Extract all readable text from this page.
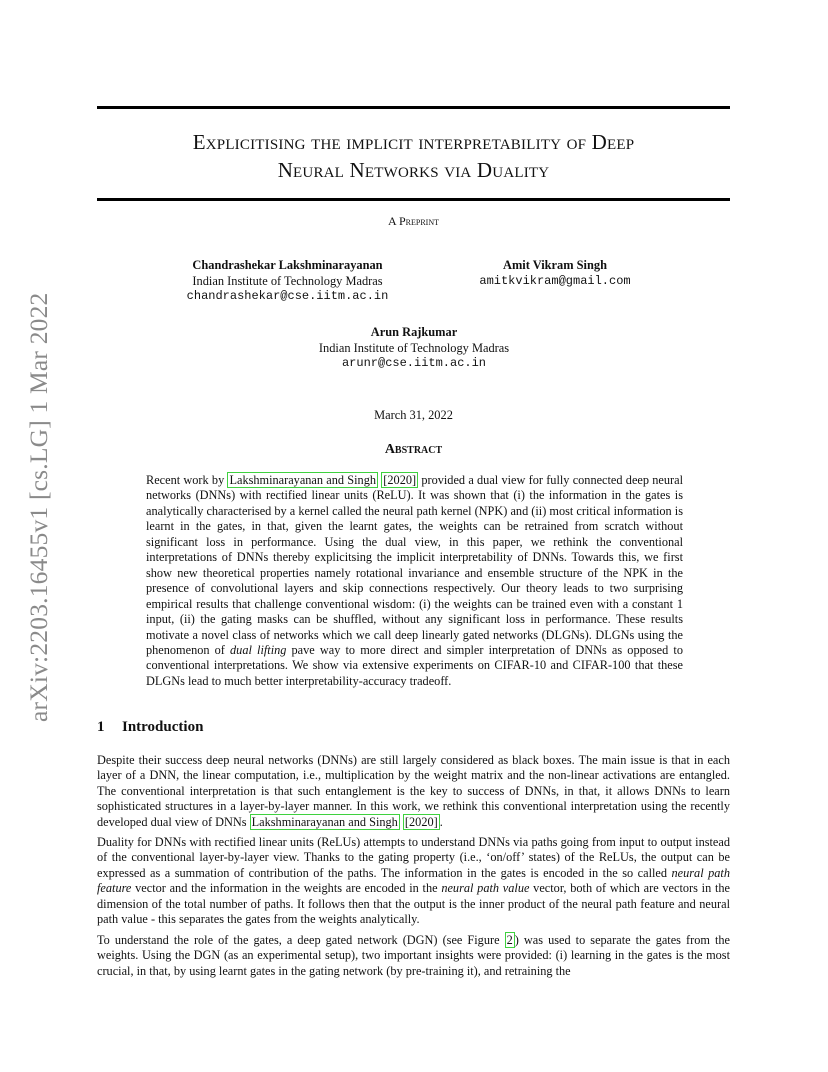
arXiv:2203.16455v1 [cs.LG] 1 Mar 2022
Explicitising the implicit interpretability of Deep
Neural Networks via Duality
A Preprint
Chandrashekar Lakshminarayanan
Indian Institute of Technology Madras
chandrashekar@cse.iitm.ac.in
Amit Vikram Singh
amitkvikram@gmail.com
Arun Rajkumar
Indian Institute of Technology Madras
arunr@cse.iitm.ac.in
March 31, 2022
Abstract

Recent work by Lakshminarayanan and Singh [2020] provided a dual view for fully connected deep neural networks (DNNs) with rectified linear units (ReLU). It was shown that (i) the information in the gates is analytically characterised by a kernel called the neural path kernel (NPK) and (ii) most critical information is learnt in the gates, in that, given the learnt gates, the weights can be retrained from scratch without significant loss in performance. Using the dual view, in this paper, we rethink the conventional interpretations of DNNs thereby explicitsing the implicit interpretability of DNNs. Towards this, we first show new theoretical properties namely rotational invariance and ensemble structure of the NPK in the presence of convolutional layers and skip connections respectively. Our theory leads to two surprising empirical results that challenge conventional wisdom: (i) the weights can be trained even with a constant 1 input, (ii) the gating masks can be shuffled, without any significant loss in performance. These results motivate a novel class of networks which we call deep linearly gated networks (DLGNs). DLGNs using the phenomenon of dual lifting pave way to more direct and simpler interpretation of DNNs as opposed to conventional interpretations. We show via extensive experiments on CIFAR-10 and CIFAR-100 that these DLGNs lead to much better interpretability-accuracy tradeoff.

1 Introduction

Despite their success deep neural networks (DNNs) are still largely considered as black boxes. The main issue is that in each layer of a DNN, the linear computation, i.e., multiplication by the weight matrix and the non-linear activations are entangled. The conventional interpretation is that such entanglement is the key to success of DNNs, in that, it allows DNNs to learn sophisticated structures in a layer-by-layer manner. In this work, we rethink this conventional interpretation using the recently developed dual view of DNNs Lakshminarayanan and Singh [2020] .

Duality for DNNs with rectified linear units (ReLUs) attempts to understand DNNs via paths going from input to output instead of the conventional layer-by-layer view. Thanks to the gating property (i.e., ‘on/off’ states) of the ReLUs, the output can be expressed as a summation of contribution of the paths. The information in the gates is encoded in the so called neural path feature vector and the information in the weights are encoded in the neural path value vector, both of which are vectors in the dimension of the total number of paths. It follows then that the output is the inner product of the neural path feature and neural path value - this separates the gates from the weights analytically.

To understand the role of the gates, a deep gated network (DGN) (see Figure 2 ) was used to separate the gates from the weights. Using the DGN (as an experimental setup), two important insights were provided: (i) learning in the gates is the most crucial, in that, by using learnt gates in the gating network (by pre-training it), and retraining the
